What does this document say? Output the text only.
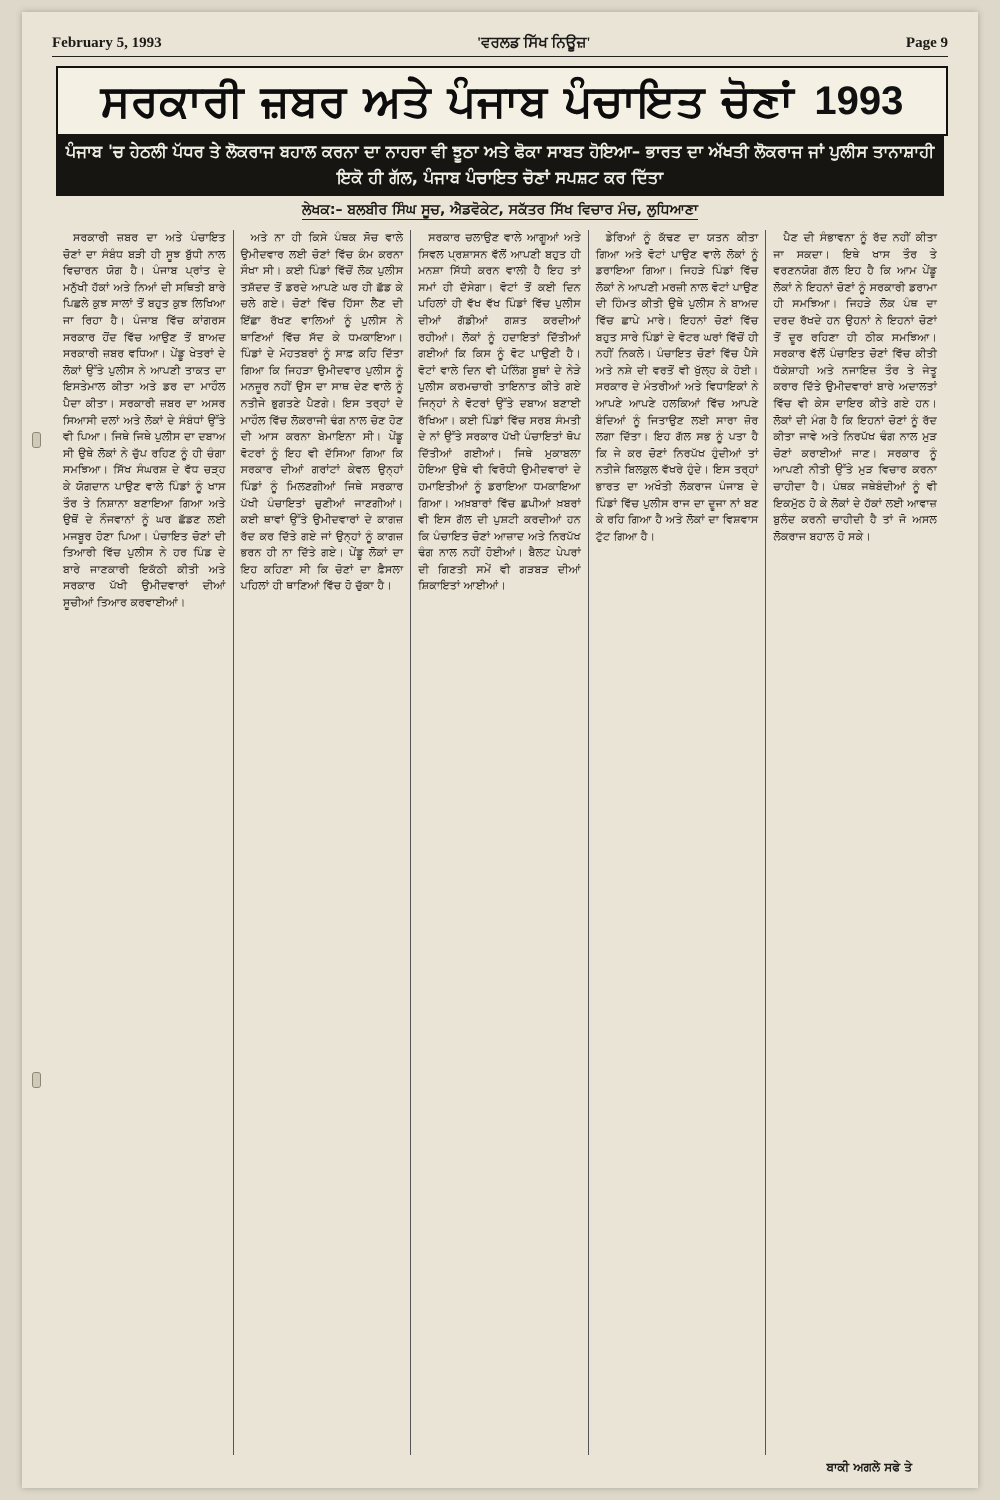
February 5, 1993	'ਵਰਲਡ ਸਿੱਖ ਨਿਊਜ਼'	Page 9
ਸਰਕਾਰੀ ਜ਼ਬਰ ਅਤੇ ਪੰਜਾਬ ਪੰਚਾਇਤ ਚੋਣਾਂ 1993
ਪੰਜਾਬ 'ਚ ਹੇਠਲੀ ਪੱਧਰ ਤੇ ਲੋਕਰਾਜ ਬਹਾਲ ਕਰਨਾ ਦਾ ਨਾਹਰਾ ਵੀ ਝੂਠਾ ਅਤੇ ਫੋਕਾ ਸਾਬਤ ਹੋਇਆ– ਭਾਰਤ ਦਾ ਅੱਖਤੀ ਲੋਕਰਾਜ ਜਾਂ ਪੁਲੀਸ ਤਾਨਾਸ਼ਾਹੀ ਇਕੋ ਹੀ ਗੱਲ, ਪੰਜਾਬ ਪੰਚਾਇਤ ਚੋਣਾਂ ਸਪਸ਼ਟ ਕਰ ਦਿੱਤਾ
ਲੇਖਕ:– ਬਲਬੀਰ ਸਿੰਘ ਸੂਚ, ਐਡਵੋਕੇਟ, ਸਕੱਤਰ ਸਿੱਖ ਵਿਚਾਰ ਮੰਚ, ਲੁਧਿਆਣਾ

ਸਰਕਾਰੀ ਜ਼ਬਰ ਦਾ ਅਤੇ ਪੰਚਾਇਤ ਚੋਣਾਂ ਦਾ ਸੰਬੰਧ ਬੜੀ ਹੀ ਸੂਝ ਬੁੱਧੀ ਨਾਲ ਵਿਚਾਰਨ ਯੋਗ ਹੈ। ਪੰਜਾਬ ਪ੍ਰਾਂਤ ਦੇ ਮਨੁੱਖੀ ਹੱਕਾਂ ਅਤੇ ਨਿਆਂ ਦੀ ਸਥਿਤੀ ਬਾਰੇ ਪਿਛਲੇ ਕੁਝ ਸਾਲਾਂ ਤੋਂ ਬਹੁਤ ਕੁਝ ਲਿਖਿਆ ਜਾ ਰਿਹਾ ਹੈ। ਪੰਜਾਬ ਵਿੱਚ ਕਾਂਗਰਸ ਸਰਕਾਰ ਹੋਂਦ ਵਿੱਚ ਆਉਣ ਤੋਂ ਬਾਅਦ ਸਰਕਾਰੀ ਜ਼ਬਰ ਵਧਿਆ। ਪੇਂਡੂ ਖੇਤਰਾਂ ਦੇ ਲੋਕਾਂ ਉੱਤੇ ਪੁਲੀਸ ਨੇ ਆਪਣੀ ਤਾਕਤ ਦਾ ਇਸਤੇਮਾਲ ਕੀਤਾ ਅਤੇ ਡਰ ਦਾ ਮਾਹੌਲ ਪੈਦਾ ਕੀਤਾ। ਸਰਕਾਰੀ ਜ਼ਬਰ ਦਾ ਅਸਰ ਸਿਆਸੀ ਦਲਾਂ ਅਤੇ ਲੋਕਾਂ ਦੇ ਸੰਬੰਧਾਂ ਉੱਤੇ ਵੀ ਪਿਆ। ਜਿਥੇ ਜਿਥੇ ਪੁਲੀਸ ਦਾ ਦਬਾਅ ਸੀ ਉਥੇ ਲੋਕਾਂ ਨੇ ਚੁੱਪ ਰਹਿਣ ਨੂੰ ਹੀ ਚੰਗਾ ਸਮਝਿਆ। ਸਿੱਖ ਸੰਘਰਸ਼ ਦੇ ਵੱਧ ਚੜ੍ਹ ਕੇ ਯੋਗਦਾਨ ਪਾਉਣ ਵਾਲੇ ਪਿੰਡਾਂ ਨੂੰ ਖਾਸ ਤੌਰ ਤੇ ਨਿਸ਼ਾਨਾ ਬਣਾਇਆ ਗਿਆ ਅਤੇ ਉਥੋਂ ਦੇ ਨੌਜਵਾਨਾਂ ਨੂੰ ਘਰ ਛੱਡਣ ਲਈ ਮਜਬੂਰ ਹੋਣਾ ਪਿਆ। ਪੰਚਾਇਤ ਚੋਣਾਂ ਦੀ ਤਿਆਰੀ ਵਿੱਚ ਪੁਲੀਸ ਨੇ ਹਰ ਪਿੰਡ ਦੇ ਬਾਰੇ ਜਾਣਕਾਰੀ ਇਕੱਠੀ ਕੀਤੀ ਅਤੇ ਸਰਕਾਰ ਪੱਖੀ ਉਮੀਦਵਾਰਾਂ ਦੀਆਂ ਸੂਚੀਆਂ ਤਿਆਰ ਕਰਵਾਈਆਂ।

ਅਤੇ ਨਾ ਹੀ ਕਿਸੇ ਪੰਥਕ ਸੋਚ ਵਾਲੇ ਉਮੀਦਵਾਰ ਲਈ ਚੋਣਾਂ ਵਿੱਚ ਕੰਮ ਕਰਨਾ ਸੌਖਾ ਸੀ। ਕਈ ਪਿੰਡਾਂ ਵਿੱਚੋਂ ਲੋਕ ਪੁਲੀਸ ਤਸ਼ੱਦਦ ਤੋਂ ਡਰਦੇ ਆਪਣੇ ਘਰ ਹੀ ਛੱਡ ਕੇ ਚਲੇ ਗਏ। ਚੋਣਾਂ ਵਿੱਚ ਹਿੱਸਾ ਲੈਣ ਦੀ ਇੱਛਾ ਰੱਖਣ ਵਾਲਿਆਂ ਨੂੰ ਪੁਲੀਸ ਨੇ ਥਾਣਿਆਂ ਵਿੱਚ ਸੱਦ ਕੇ ਧਮਕਾਇਆ। ਪਿੰਡਾਂ ਦੇ ਮੋਹਤਬਰਾਂ ਨੂੰ ਸਾਫ਼ ਕਹਿ ਦਿੱਤਾ ਗਿਆ ਕਿ ਜਿਹੜਾ ਉਮੀਦਵਾਰ ਪੁਲੀਸ ਨੂੰ ਮਨਜ਼ੂਰ ਨਹੀਂ ਉਸ ਦਾ ਸਾਥ ਦੇਣ ਵਾਲੇ ਨੂੰ ਨਤੀਜੇ ਭੁਗਤਣੇ ਪੈਣਗੇ। ਇਸ ਤਰ੍ਹਾਂ ਦੇ ਮਾਹੌਲ ਵਿੱਚ ਲੋਕਰਾਜੀ ਢੰਗ ਨਾਲ ਚੋਣ ਹੋਣ ਦੀ ਆਸ ਕਰਨਾ ਬੇਮਾਇਨਾ ਸੀ। ਪੇਂਡੂ ਵੋਟਰਾਂ ਨੂੰ ਇਹ ਵੀ ਦੱਸਿਆ ਗਿਆ ਕਿ ਸਰਕਾਰ ਦੀਆਂ ਗਰਾਂਟਾਂ ਕੇਵਲ ਉਨ੍ਹਾਂ ਪਿੰਡਾਂ ਨੂੰ ਮਿਲਣਗੀਆਂ ਜਿਥੇ ਸਰਕਾਰ ਪੱਖੀ ਪੰਚਾਇਤਾਂ ਚੁਣੀਆਂ ਜਾਣਗੀਆਂ। ਕਈ ਥਾਵਾਂ ਉੱਤੇ ਉਮੀਦਵਾਰਾਂ ਦੇ ਕਾਗਜ਼ ਰੱਦ ਕਰ ਦਿੱਤੇ ਗਏ ਜਾਂ ਉਨ੍ਹਾਂ ਨੂੰ ਕਾਗਜ਼ ਭਰਨ ਹੀ ਨਾ ਦਿੱਤੇ ਗਏ। ਪੇਂਡੂ ਲੋਕਾਂ ਦਾ ਇਹ ਕਹਿਣਾ ਸੀ ਕਿ ਚੋਣਾਂ ਦਾ ਫ਼ੈਸਲਾ ਪਹਿਲਾਂ ਹੀ ਥਾਣਿਆਂ ਵਿੱਚ ਹੋ ਚੁੱਕਾ ਹੈ।

ਸਰਕਾਰ ਚਲਾਉਣ ਵਾਲੇ ਆਗੂਆਂ ਅਤੇ ਸਿਵਲ ਪ੍ਰਸ਼ਾਸਨ ਵੱਲੋਂ ਆਪਣੀ ਬਹੁਤ ਹੀ ਮਨਸ਼ਾ ਸਿੱਧੀ ਕਰਨ ਵਾਲੀ ਹੈ ਇਹ ਤਾਂ ਸਮਾਂ ਹੀ ਦੱਸੇਗਾ। ਵੋਟਾਂ ਤੋਂ ਕਈ ਦਿਨ ਪਹਿਲਾਂ ਹੀ ਵੱਖ ਵੱਖ ਪਿੰਡਾਂ ਵਿੱਚ ਪੁਲੀਸ ਦੀਆਂ ਗੱਡੀਆਂ ਗਸ਼ਤ ਕਰਦੀਆਂ ਰਹੀਆਂ। ਲੋਕਾਂ ਨੂੰ ਹਦਾਇਤਾਂ ਦਿੱਤੀਆਂ ਗਈਆਂ ਕਿ ਕਿਸ ਨੂੰ ਵੋਟ ਪਾਉਣੀ ਹੈ। ਵੋਟਾਂ ਵਾਲੇ ਦਿਨ ਵੀ ਪੋਲਿੰਗ ਬੂਥਾਂ ਦੇ ਨੇੜੇ ਪੁਲੀਸ ਕਰਮਚਾਰੀ ਤਾਇਨਾਤ ਕੀਤੇ ਗਏ ਜਿਨ੍ਹਾਂ ਨੇ ਵੋਟਰਾਂ ਉੱਤੇ ਦਬਾਅ ਬਣਾਈ ਰੱਖਿਆ। ਕਈ ਪਿੰਡਾਂ ਵਿੱਚ ਸਰਬ ਸੰਮਤੀ ਦੇ ਨਾਂ ਉੱਤੇ ਸਰਕਾਰ ਪੱਖੀ ਪੰਚਾਇਤਾਂ ਥੋਪ ਦਿੱਤੀਆਂ ਗਈਆਂ। ਜਿਥੇ ਮੁਕਾਬਲਾ ਹੋਇਆ ਉਥੇ ਵੀ ਵਿਰੋਧੀ ਉਮੀਦਵਾਰਾਂ ਦੇ ਹਮਾਇਤੀਆਂ ਨੂੰ ਡਰਾਇਆ ਧਮਕਾਇਆ ਗਿਆ। ਅਖ਼ਬਾਰਾਂ ਵਿੱਚ ਛਪੀਆਂ ਖ਼ਬਰਾਂ ਵੀ ਇਸ ਗੱਲ ਦੀ ਪੁਸ਼ਟੀ ਕਰਦੀਆਂ ਹਨ ਕਿ ਪੰਚਾਇਤ ਚੋਣਾਂ ਆਜ਼ਾਦ ਅਤੇ ਨਿਰਪੱਖ ਢੰਗ ਨਾਲ ਨਹੀਂ ਹੋਈਆਂ। ਬੈਲਟ ਪੇਪਰਾਂ ਦੀ ਗਿਣਤੀ ਸਮੇਂ ਵੀ ਗੜਬੜ ਦੀਆਂ ਸ਼ਿਕਾਇਤਾਂ ਆਈਆਂ।

ਡੇਰਿਆਂ ਨੂੰ ਕੱਢਣ ਦਾ ਯਤਨ ਕੀਤਾ ਗਿਆ ਅਤੇ ਵੋਟਾਂ ਪਾਉਣ ਵਾਲੇ ਲੋਕਾਂ ਨੂੰ ਡਰਾਇਆ ਗਿਆ। ਜਿਹੜੇ ਪਿੰਡਾਂ ਵਿੱਚ ਲੋਕਾਂ ਨੇ ਆਪਣੀ ਮਰਜ਼ੀ ਨਾਲ ਵੋਟਾਂ ਪਾਉਣ ਦੀ ਹਿੰਮਤ ਕੀਤੀ ਉਥੇ ਪੁਲੀਸ ਨੇ ਬਾਅਦ ਵਿੱਚ ਛਾਪੇ ਮਾਰੇ। ਇਹਨਾਂ ਚੋਣਾਂ ਵਿੱਚ ਬਹੁਤ ਸਾਰੇ ਪਿੰਡਾਂ ਦੇ ਵੋਟਰ ਘਰਾਂ ਵਿੱਚੋਂ ਹੀ ਨਹੀਂ ਨਿਕਲੇ। ਪੰਚਾਇਤ ਚੋਣਾਂ ਵਿੱਚ ਪੈਸੇ ਅਤੇ ਨਸ਼ੇ ਦੀ ਵਰਤੋਂ ਵੀ ਖੁੱਲ੍ਹ ਕੇ ਹੋਈ। ਸਰਕਾਰ ਦੇ ਮੰਤਰੀਆਂ ਅਤੇ ਵਿਧਾਇਕਾਂ ਨੇ ਆਪਣੇ ਆਪਣੇ ਹਲਕਿਆਂ ਵਿੱਚ ਆਪਣੇ ਬੰਦਿਆਂ ਨੂੰ ਜਿਤਾਉਣ ਲਈ ਸਾਰਾ ਜ਼ੋਰ ਲਗਾ ਦਿੱਤਾ। ਇਹ ਗੱਲ ਸਭ ਨੂੰ ਪਤਾ ਹੈ ਕਿ ਜੇ ਕਰ ਚੋਣਾਂ ਨਿਰਪੱਖ ਹੁੰਦੀਆਂ ਤਾਂ ਨਤੀਜੇ ਬਿਲਕੁਲ ਵੱਖਰੇ ਹੁੰਦੇ। ਇਸ ਤਰ੍ਹਾਂ ਭਾਰਤ ਦਾ ਅਖੌਤੀ ਲੋਕਰਾਜ ਪੰਜਾਬ ਦੇ ਪਿੰਡਾਂ ਵਿੱਚ ਪੁਲੀਸ ਰਾਜ ਦਾ ਦੂਜਾ ਨਾਂ ਬਣ ਕੇ ਰਹਿ ਗਿਆ ਹੈ ਅਤੇ ਲੋਕਾਂ ਦਾ ਵਿਸ਼ਵਾਸ ਟੁੱਟ ਗਿਆ ਹੈ।

ਪੈਣ ਦੀ ਸੰਭਾਵਨਾ ਨੂੰ ਰੱਦ ਨਹੀਂ ਕੀਤਾ ਜਾ ਸਕਦਾ। ਇਥੇ ਖਾਸ ਤੌਰ ਤੇ ਵਰਣਨਯੋਗ ਗੱਲ ਇਹ ਹੈ ਕਿ ਆਮ ਪੇਂਡੂ ਲੋਕਾਂ ਨੇ ਇਹਨਾਂ ਚੋਣਾਂ ਨੂੰ ਸਰਕਾਰੀ ਡਰਾਮਾ ਹੀ ਸਮਝਿਆ। ਜਿਹੜੇ ਲੋਕ ਪੰਥ ਦਾ ਦਰਦ ਰੱਖਦੇ ਹਨ ਉਹਨਾਂ ਨੇ ਇਹਨਾਂ ਚੋਣਾਂ ਤੋਂ ਦੂਰ ਰਹਿਣਾ ਹੀ ਠੀਕ ਸਮਝਿਆ। ਸਰਕਾਰ ਵੱਲੋਂ ਪੰਚਾਇਤ ਚੋਣਾਂ ਵਿੱਚ ਕੀਤੀ ਧੱਕੇਸ਼ਾਹੀ ਅਤੇ ਨਜਾਇਜ਼ ਤੌਰ ਤੇ ਜੇਤੂ ਕਰਾਰ ਦਿੱਤੇ ਉਮੀਦਵਾਰਾਂ ਬਾਰੇ ਅਦਾਲਤਾਂ ਵਿੱਚ ਵੀ ਕੇਸ ਦਾਇਰ ਕੀਤੇ ਗਏ ਹਨ। ਲੋਕਾਂ ਦੀ ਮੰਗ ਹੈ ਕਿ ਇਹਨਾਂ ਚੋਣਾਂ ਨੂੰ ਰੱਦ ਕੀਤਾ ਜਾਵੇ ਅਤੇ ਨਿਰਪੱਖ ਢੰਗ ਨਾਲ ਮੁੜ ਚੋਣਾਂ ਕਰਾਈਆਂ ਜਾਣ। ਸਰਕਾਰ ਨੂੰ ਆਪਣੀ ਨੀਤੀ ਉੱਤੇ ਮੁੜ ਵਿਚਾਰ ਕਰਨਾ ਚਾਹੀਦਾ ਹੈ। ਪੰਥਕ ਜਥੇਬੰਦੀਆਂ ਨੂੰ ਵੀ ਇਕਮੁੱਠ ਹੋ ਕੇ ਲੋਕਾਂ ਦੇ ਹੱਕਾਂ ਲਈ ਆਵਾਜ਼ ਬੁਲੰਦ ਕਰਨੀ ਚਾਹੀਦੀ ਹੈ ਤਾਂ ਜੋ ਅਸਲ ਲੋਕਰਾਜ ਬਹਾਲ ਹੋ ਸਕੇ।

ਬਾਕੀ ਅਗਲੇ ਸਫੇ ਤੇ
